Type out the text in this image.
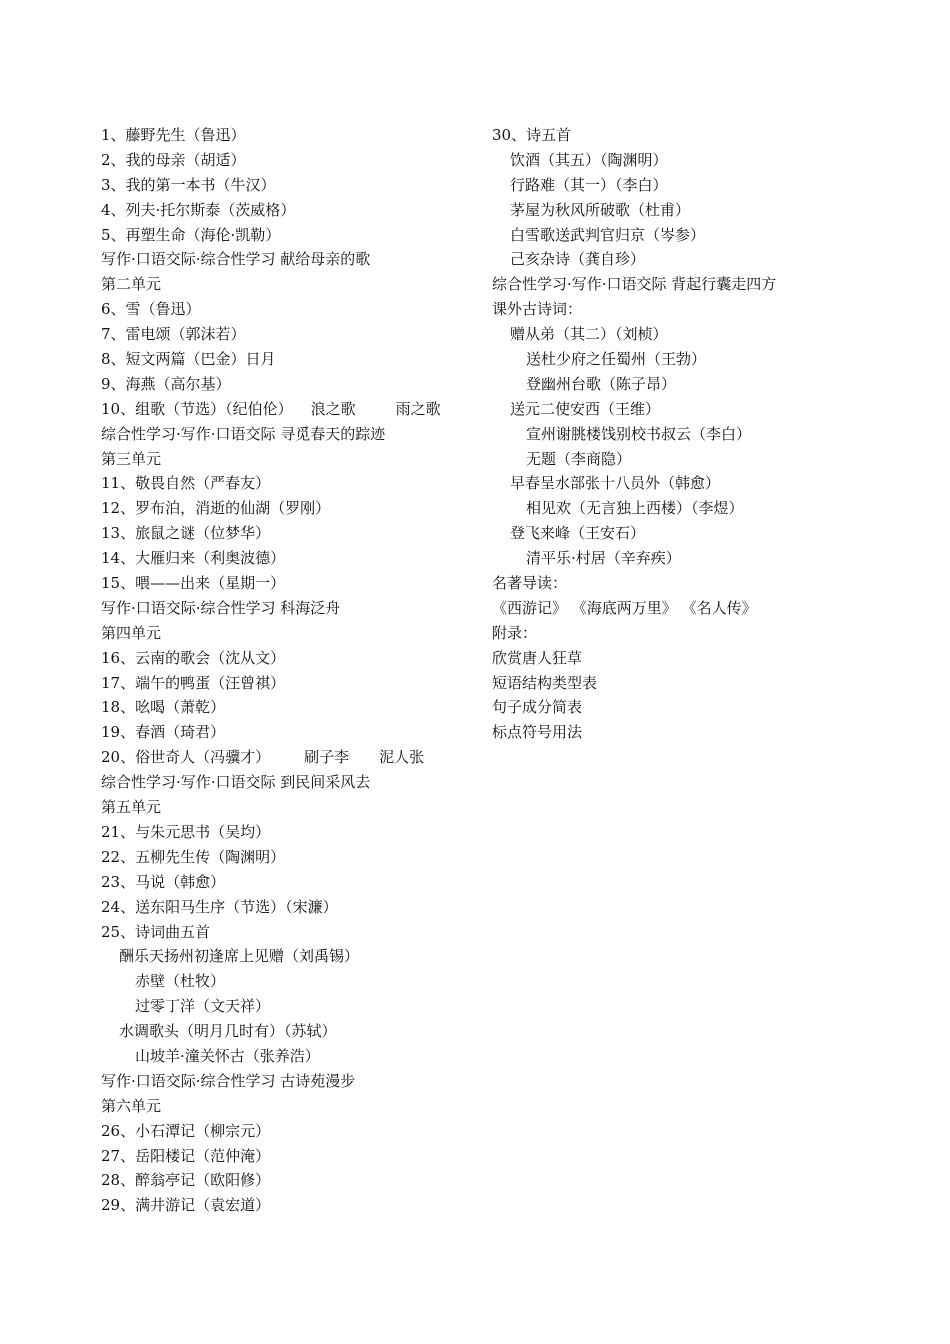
1、藤野先生（鲁迅）
2、我的母亲（胡适）
3、我的第一本书（牛汉）
4、列夫·托尔斯泰（茨威格）
5、再塑生命（海伦·凯勒）
写作·口语交际·综合性学习 献给母亲的歌
第二单元
6、雪（鲁迅）
7、雷电颂（郭沫若）
8、短文两篇（巴金）日月
9、海燕（高尔基）
10、组歌（节选）（纪伯伦） 浪之歌	雨之歌
综合性学习·写作·口语交际 寻觅春天的踪迹
第三单元
11、敬畏自然（严春友）
12、罗布泊，消逝的仙湖（罗刚）
13、旅鼠之谜（位梦华）
14、大雁归来（利奥波德）
15、喂——出来（星期一）
写作·口语交际·综合性学习 科海泛舟
第四单元
16、云南的歌会（沈从文）
17、端午的鸭蛋（汪曾祺）
18、吆喝（萧乾）
19、春酒（琦君）
20、俗世奇人（冯骥才） 刷子李 泥人张
综合性学习·写作·口语交际 到民间采风去
第五单元
21、与朱元思书（吴均）
22、五柳先生传（陶渊明）
23、马说（韩愈）
24、送东阳马生序（节选）（宋濂）
25、诗词曲五首
酬乐天扬州初逢席上见赠（刘禹锡）
赤壁（杜牧）
过零丁洋（文天祥）
水调歌头（明月几时有）（苏轼）
山坡羊·潼关怀古（张养浩）
写作·口语交际·综合性学习 古诗苑漫步
第六单元
26、小石潭记（柳宗元）
27、岳阳楼记（范仲淹）
28、醉翁亭记（欧阳修）
29、满井游记（袁宏道）
30、诗五首
饮酒（其五）（陶渊明）
行路难（其一）（李白）
茅屋为秋风所破歌（杜甫）
白雪歌送武判官归京（岑参）
己亥杂诗（龚自珍）
综合性学习·写作·口语交际 背起行囊走四方
课外古诗词：
赠从弟（其二）（刘桢）
送杜少府之任蜀州（王勃）
登幽州台歌（陈子昂）
送元二使安西（王维）
宣州谢朓楼饯别校书叔云（李白）
无题（李商隐）
早春呈水部张十八员外（韩愈）
相见欢（无言独上西楼）（李煜）
登飞来峰（王安石）
清平乐·村居（辛弃疾）
名著导读：
《西游记》 《海底两万里》 《名人传》
附录：
欣赏唐人狂草
短语结构类型表
句子成分简表
标点符号用法
